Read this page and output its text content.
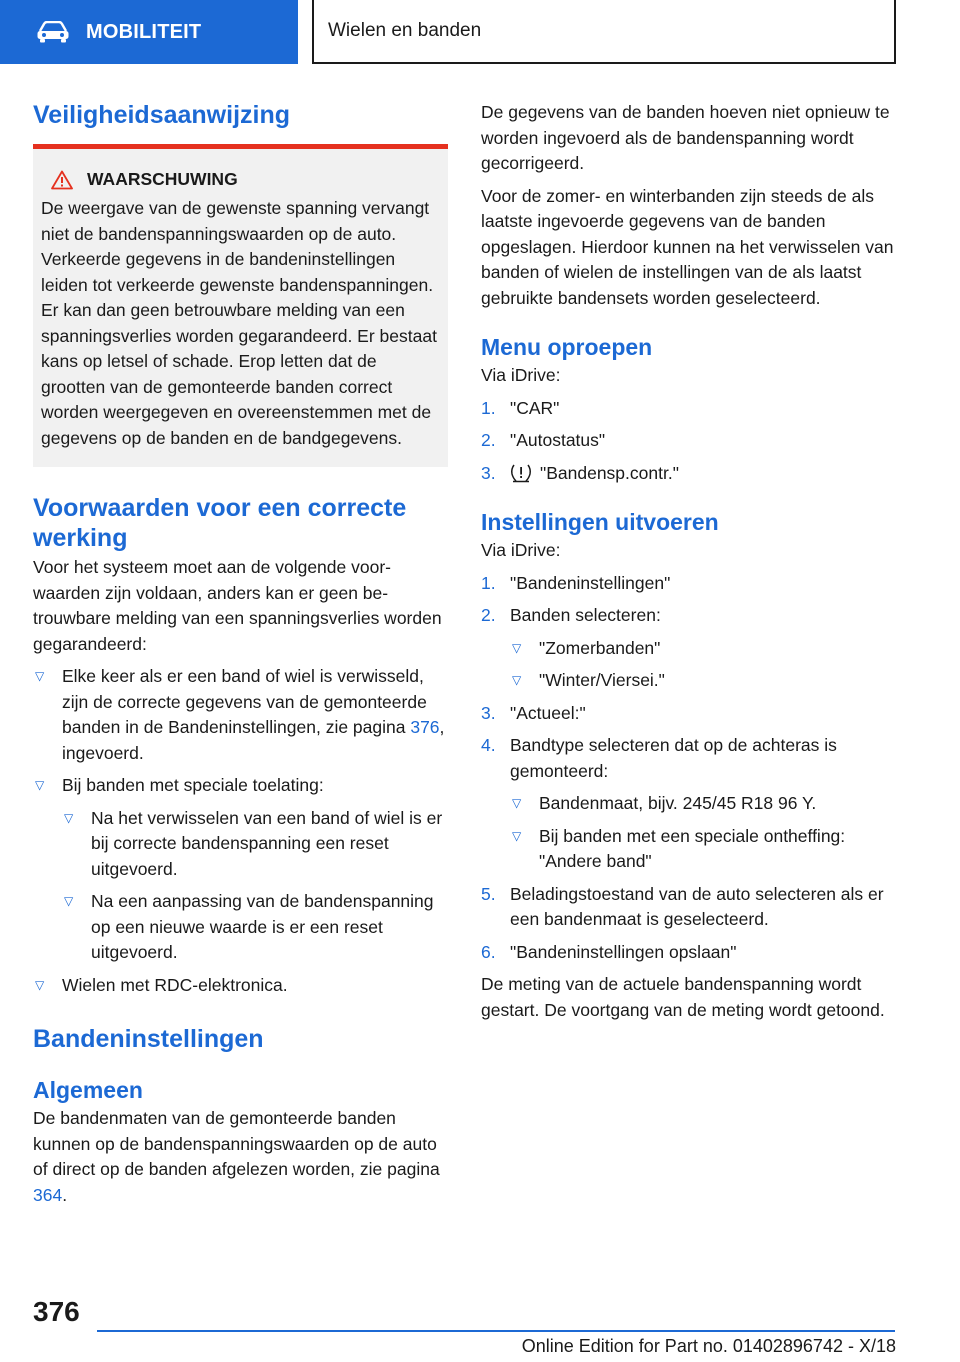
MOBILITEIT	Wielen en banden
Veiligheidsaanwijzing
WAARSCHUWING

De weergave van de gewenste spanning vervangt niet de bandenspanningswaarden op de auto. Verkeerde gegevens in de bandeninstellingen leiden tot verkeerde gewenste bandenspanningen. Er kan dan geen betrouwbare melding van een spanningsverlies worden gegarandeerd. Er bestaat kans op letsel of schade. Erop letten dat de grootten van de gemonteerde banden correct worden weergegeven en overeenstemmen met de gegevens op de banden en de bandgegevens.

Voorwaarden voor een correcte werking

Voor het systeem moet aan de volgende voorwaarden zijn voldaan, anders kan er geen betrouwbare melding van een spanningsverlies worden gegarandeerd:

▽ Elke keer als er een band of wiel is verwisseld, zijn de correcte gegevens van de gemonteerde banden in de Bandeninstellingen, zie pagina 376, ingevoerd.
▽ Bij banden met speciale toelating:
▽ Na het verwisselen van een band of wiel is er bij correcte bandenspanning een reset uitgevoerd.
▽ Na een aanpassing van de bandenspanning op een nieuwe waarde is er een reset uitgevoerd.
▽ Wielen met RDC-elektronica.
Bandeninstellingen
Algemeen

De bandenmaten van de gemonteerde banden kunnen op de bandenspanningswaarden op de auto of direct op de banden afgelezen worden, zie pagina 364.

De gegevens van de banden hoeven niet opnieuw te worden ingevoerd als de bandenspanning wordt gecorrigeerd.

Voor de zomer- en winterbanden zijn steeds de als laatste ingevoerde gegevens van de banden opgeslagen. Hierdoor kunnen na het verwisselen van banden of wielen de instellingen van de als laatst gebruikte bandensets worden geselecteerd.

Menu oproepen

Via iDrive:

1. "CAR"
2. "Autostatus"
3.	"Bandensp.contr."
Instellingen uitvoeren

Via iDrive:

1. "Bandeninstellingen"
2. Banden selecteren:
▽ "Zomerbanden"
▽ "Winter/Viersei."
3. "Actueel:"
4. Bandtype selecteren dat op de achteras is gemonteerd:
▽ Bandenmaat, bijv. 245/45 R18 96 Y.
▽ Bij banden met een speciale ontheffing: "Andere band"
5. Beladingstoestand van de auto selecteren als er een bandenmaat is geselecteerd.
6. "Bandeninstellingen opslaan"

De meting van de actuele bandenspanning wordt gestart. De voortgang van de meting wordt getoond.

376
Online Edition for Part no. 01402896742 - X/18
